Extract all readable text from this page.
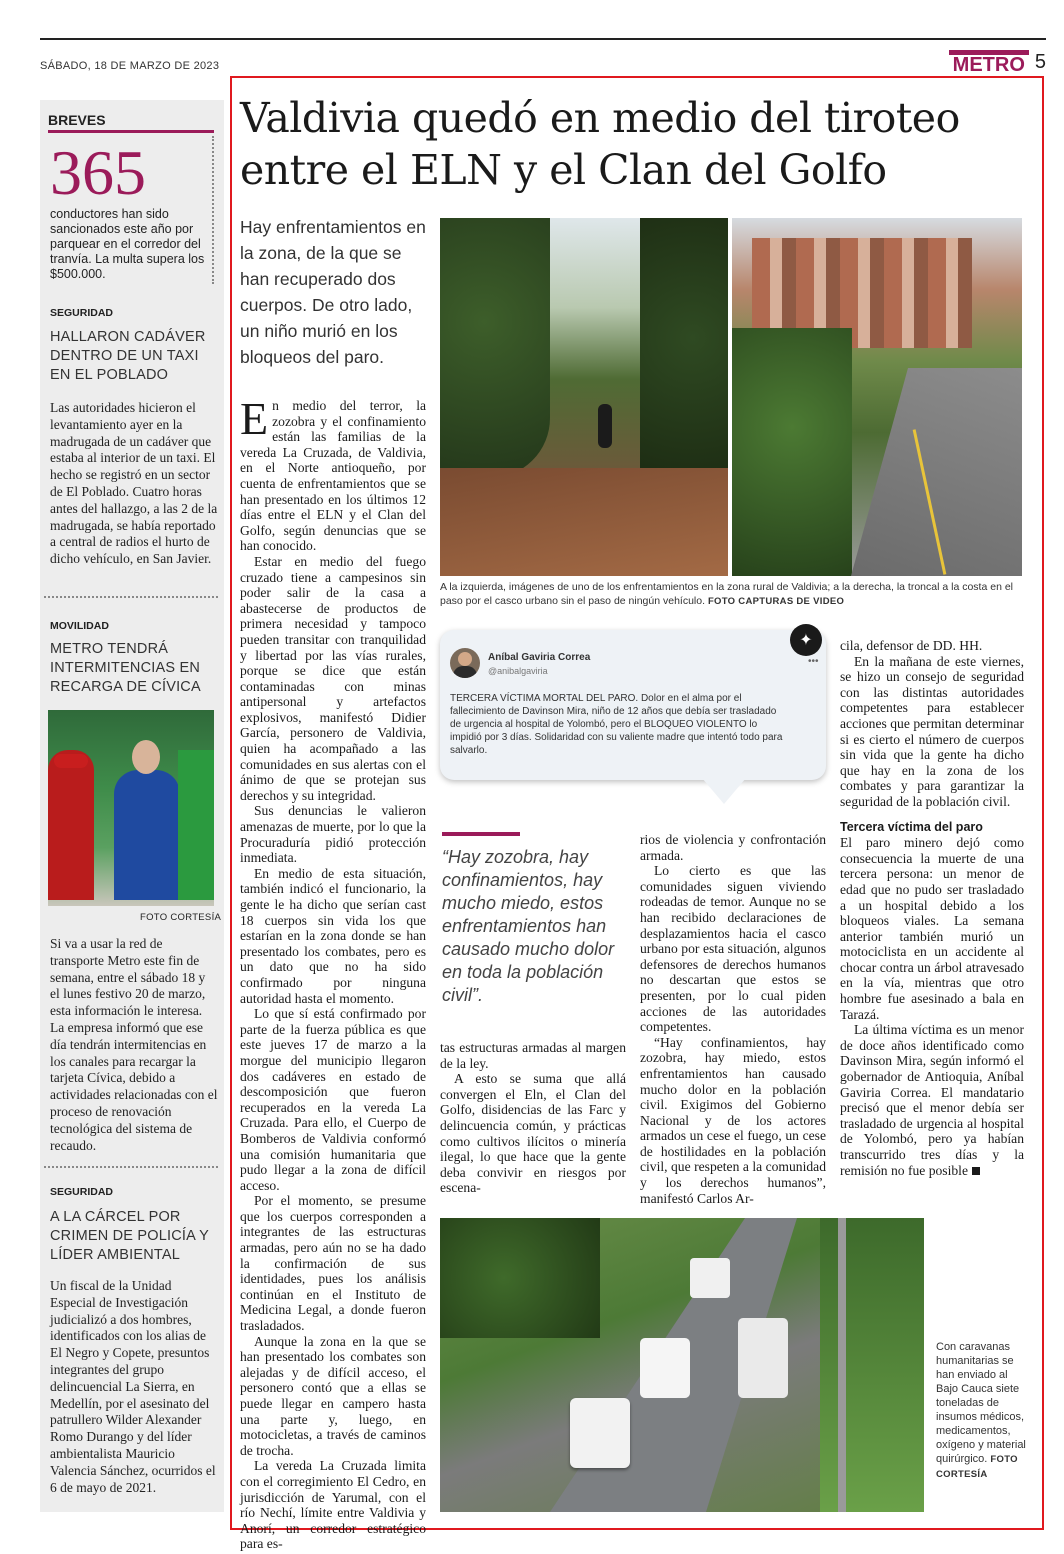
SÁBADO, 18 DE MARZO DE 2023	METRO 5
BREVES
365
conductores han sido sancionados este año por parquear en el corredor del tranvía. La multa supera los $500.000.
SEGURIDAD
HALLARON CADÁVER DENTRO DE UN TAXI EN EL POBLADO
Las autoridades hicieron el levantamiento ayer en la madrugada de un cadáver que estaba al interior de un taxi. El hecho se registró en un sector de El Poblado. Cuatro horas antes del hallazgo, a las 2 de la madrugada, se había reportado a central de radios el hurto de dicho vehículo, en San Javier.
MOVILIDAD
METRO TENDRÁ INTERMITENCIAS EN RECARGA DE CÍVICA
FOTO CORTESÍA
Si va a usar la red de transporte Metro este fin de semana, entre el sábado 18 y el lunes festivo 20 de marzo, esta información le interesa. La empresa informó que ese día tendrán intermitencias en los canales para recargar la tarjeta Cívica, debido a actividades relacionadas con el proceso de renovación tecnológica del sistema de recaudo.
SEGURIDAD
A LA CÁRCEL POR CRIMEN DE POLICÍA Y LÍDER AMBIENTAL
Un fiscal de la Unidad Especial de Investigación judicializó a dos hombres, identificados con los alias de El Negro y Copete, presuntos integrantes del grupo delincuencial La Sierra, en Medellín, por el asesinato del patrullero Wilder Alexander Romo Durango y del líder ambientalista Mauricio Valencia Sánchez, ocurridos el 6 de mayo de 2021.
Valdivia quedó en medio del tiroteo
entre el ELN y el Clan del Golfo
Hay enfrentamientos en la zona, de la que se han recuperado dos cuerpos. De otro lado, un niño murió en los bloqueos del paro.
A la izquierda, imágenes de uno de los enfrentamientos en la zona rural de Valdivia; a la derecha, la troncal a la costa en el paso por el casco urbano sin el paso de ningún vehículo. FOTO CAPTURAS DE VIDEO

En medio del terror, la zozobra y el confinamiento están las familias de la vereda La Cruzada, de Valdivia, en el Norte antioqueño, por cuenta de enfrentamientos que se han presentado en los últimos 12 días entre el ELN y el Clan del Golfo, según denuncias que se han conocido.

Estar en medio del fuego cruzado tiene a campesinos sin poder salir de la casa a abastecerse de productos de primera necesidad y tampoco pueden transitar con tranquilidad y libertad por las vías rurales, porque se dice que están contaminadas con minas antipersonal y artefactos explosivos, manifestó Didier García, personero de Valdivia, quien ha acompañado a las comunidades en sus alertas con el ánimo de que se protejan sus derechos y su integridad.

Sus denuncias le valieron amenazas de muerte, por lo que la Procuraduría pidió protección inmediata.

En medio de esta situación, también indicó el funcionario, la gente le ha dicho que serían cast 18 cuerpos sin vida los que estarían en la zona donde se han presentado los combates, pero es un dato que no ha sido confirmado por ninguna autoridad hasta el momento.

Lo que sí está confirmado por parte de la fuerza pública es que este jueves 17 de marzo a la morgue del municipio llegaron dos cadáveres en estado de descomposición que fueron recuperados en la vereda La Cruzada. Para ello, el Cuerpo de Bomberos de Valdivia conformó una comisión humanitaria que pudo llegar a la zona de difícil acceso.

Por el momento, se presume que los cuerpos corresponden a integrantes de las estructuras armadas, pero aún no se ha dado la confirmación de sus identidades, pues los análisis continúan en el Instituto de Medicina Legal, a donde fueron trasladados.

Aunque la zona en la que se han presentado los combates son alejadas y de difícil acceso, el personero contó que a ellas se puede llegar en campero hasta una parte y, luego, en motocicletas, a través de caminos de trocha.

La vereda La Cruzada limita con el corregimiento El Cedro, en jurisdicción de Yarumal, con el río Nechí, límite entre Valdivia y Anorí, un corredor estratégico para es-

✦
Aníbal Gaviria Correa
@anibalgaviria
•••
TERCERA VÍCTIMA MORTAL DEL PARO. Dolor en el alma por el fallecimiento de Davinson Mira, niño de 12 años que debía ser trasladado de urgencia al hospital de Yolombó, pero el BLOQUEO VIOLENTO lo impidió por 3 días. Solidaridad con su valiente madre que intentó todo para salvarlo.
“Hay zozobra, hay confinamientos, hay mucho miedo, estos enfrentamientos han causado mucho dolor en toda la población civil”.

tas estructuras armadas al margen de la ley.

A esto se suma que allá convergen el Eln, el Clan del Golfo, disidencias de las Farc y delincuencia común, y prácticas como cultivos ilícitos o minería ilegal, lo que hace que la gente deba convivir en riesgos por escena-

rios de violencia y confrontación armada.

Lo cierto es que las comunidades siguen viviendo rodeadas de temor. Aunque no se han recibido declaraciones de desplazamientos hacia el casco urbano por esta situación, algunos defensores de derechos humanos no descartan que estos se presenten, por lo cual piden acciones de las autoridades competentes.

“Hay confinamientos, hay zozobra, hay miedo, estos enfrentamientos han causado mucho dolor en la población civil. Exigimos del Gobierno Nacional y de los actores armados un cese el fuego, un cese de hostilidades en la población civil, que respeten a la comunidad y los derechos humanos”, manifestó Carlos Ar-

cila, defensor de DD. HH.

En la mañana de este viernes, se hizo un consejo de seguridad con las distintas autoridades competentes para establecer acciones que permitan determinar si es cierto el número de cuerpos sin vida que la gente ha dicho que hay en la zona de los combates y para garantizar la seguridad de la población civil.

Tercera víctima del paro

El paro minero dejó como consecuencia la muerte de una tercera persona: un menor de edad que no pudo ser trasladado a un hospital debido a los bloqueos viales. La semana anterior también murió un motociclista en un accidente al chocar contra un árbol atravesado en la vía, mientras que otro hombre fue asesinado a bala en Tarazá.

La última víctima es un menor de doce años identificado como Davinson Mira, según informó el gobernador de Antioquia, Aníbal Gaviria Correa. El mandatario precisó que el menor debía ser trasladado de urgencia al hospital de Yolombó, pero ya habían transcurrido tres días y la remisión no fue posible

Con caravanas humanitarias se han enviado al Bajo Cauca siete toneladas de insumos médicos, medicamentos, oxígeno y material quirúrgico. FOTO CORTESÍA
